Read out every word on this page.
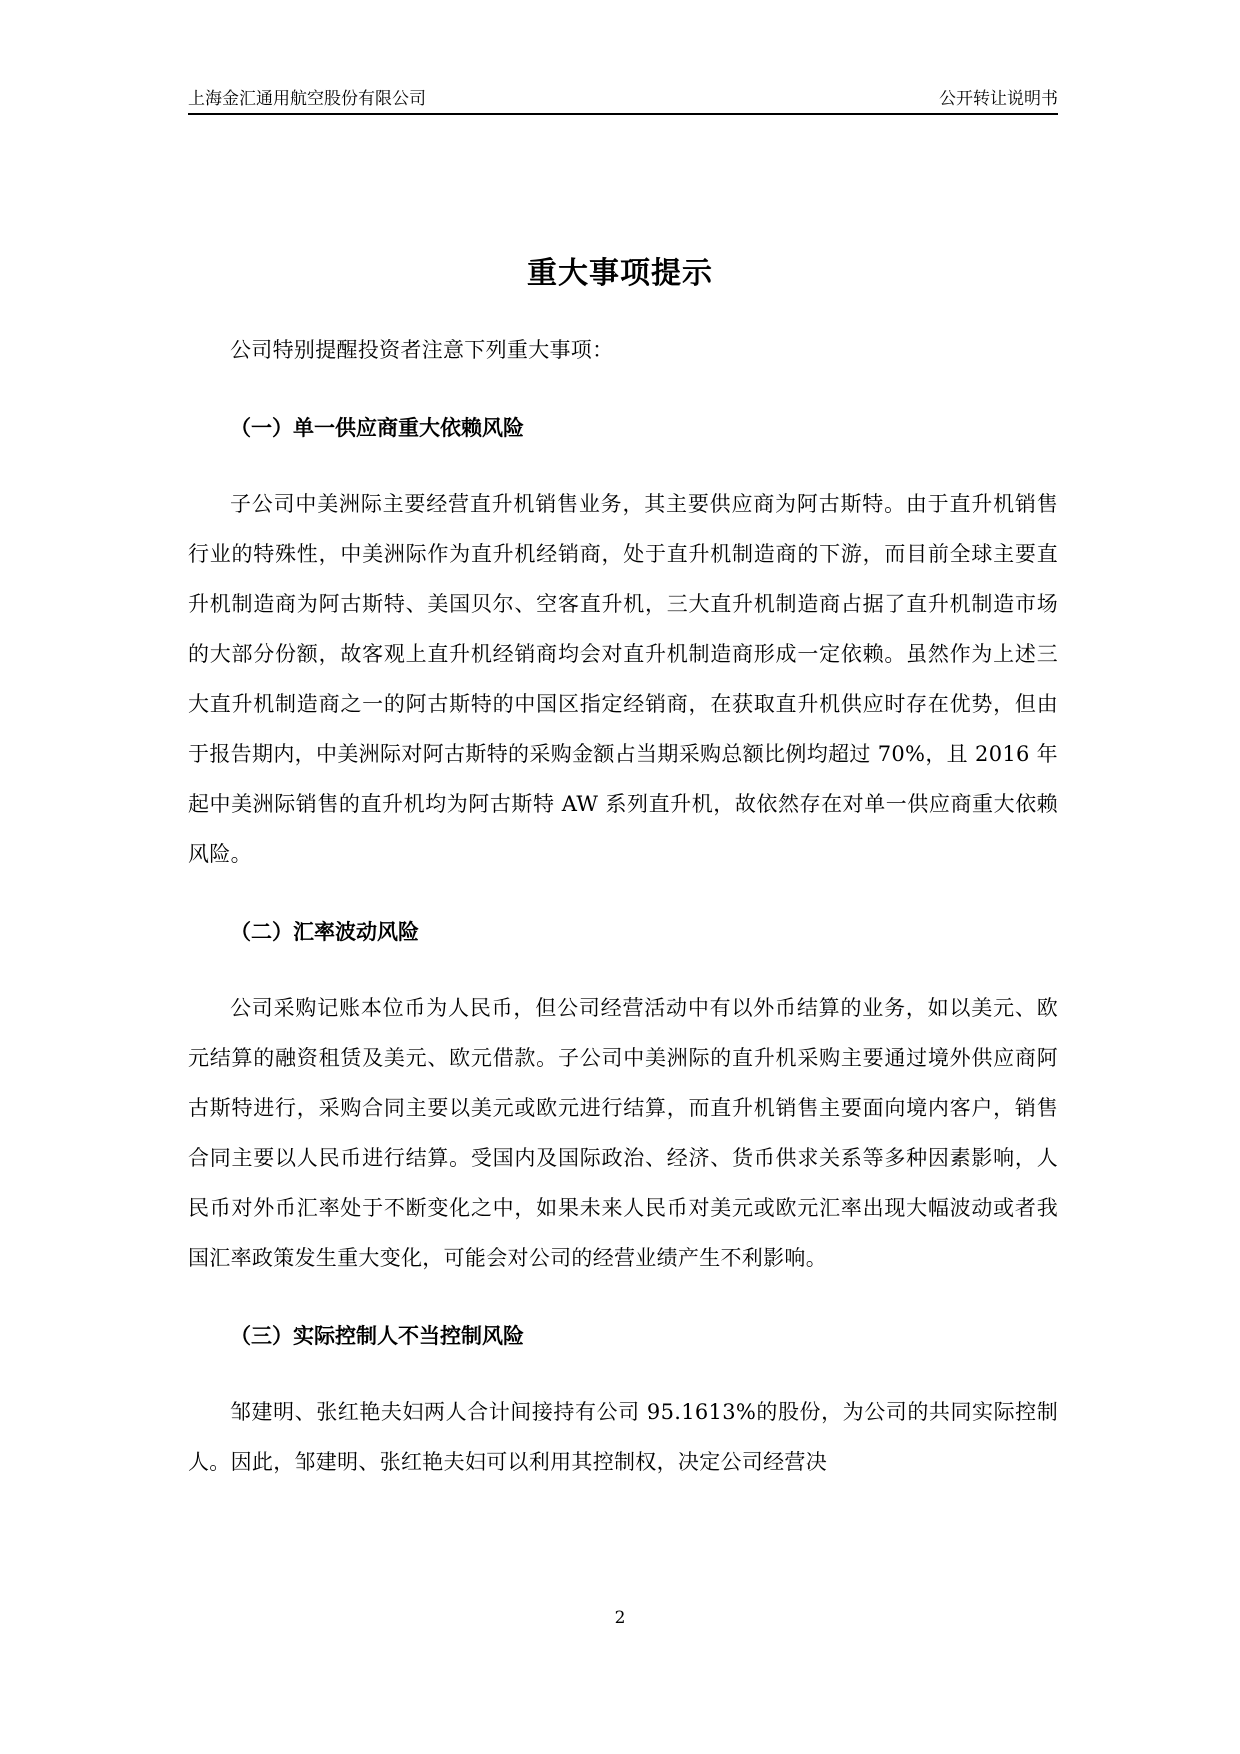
上海金汇通用航空股份有限公司	公开转让说明书
重大事项提示

公司特别提醒投资者注意下列重大事项：

（一）单一供应商重大依赖风险

子公司中美洲际主要经营直升机销售业务，其主要供应商为阿古斯特。由于直升机销售行业的特殊性，中美洲际作为直升机经销商，处于直升机制造商的下游，而目前全球主要直升机制造商为阿古斯特、美国贝尔、空客直升机，三大直升机制造商占据了直升机制造市场的大部分份额，故客观上直升机经销商均会对直升机制造商形成一定依赖。虽然作为上述三大直升机制造商之一的阿古斯特的中国区指定经销商，在获取直升机供应时存在优势，但由于报告期内，中美洲际对阿古斯特的采购金额占当期采购总额比例均超过 70%，且 2016 年起中美洲际销售的直升机均为阿古斯特 AW 系列直升机，故依然存在对单一供应商重大依赖风险。

（二）汇率波动风险

公司采购记账本位币为人民币，但公司经营活动中有以外币结算的业务，如以美元、欧元结算的融资租赁及美元、欧元借款。子公司中美洲际的直升机采购主要通过境外供应商阿古斯特进行，采购合同主要以美元或欧元进行结算，而直升机销售主要面向境内客户，销售合同主要以人民币进行结算。受国内及国际政治、经济、货币供求关系等多种因素影响，人民币对外币汇率处于不断变化之中，如果未来人民币对美元或欧元汇率出现大幅波动或者我国汇率政策发生重大变化，可能会对公司的经营业绩产生不利影响。

（三）实际控制人不当控制风险

邹建明、张红艳夫妇两人合计间接持有公司 95.1613%的股份，为公司的共同实际控制人。因此，邹建明、张红艳夫妇可以利用其控制权，决定公司经营决

2
